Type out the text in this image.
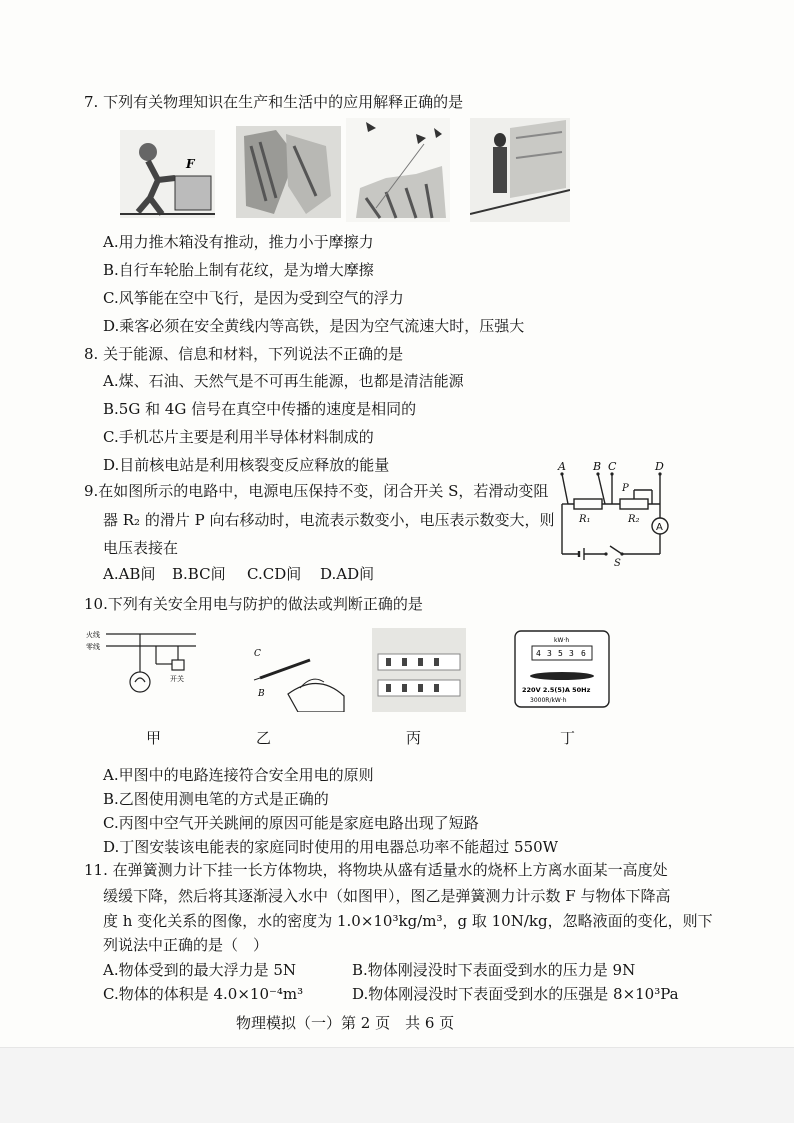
7. 下列有关物理知识在生产和生活中的应用解释正确的是
F
A.用力推木箱没有推动，推力小于摩擦力
B.自行车轮胎上制有花纹，是为增大摩擦
C.风筝能在空中飞行，是因为受到空气的浮力
D.乘客必须在安全黄线内等高铁，是因为空气流速大时，压强大
8. 关于能源、信息和材料，下列说法不正确的是
A.煤、石油、天然气是不可再生能源，也都是清洁能源
B.5G 和 4G 信号在真空中传播的速度是相同的
C.手机芯片主要是利用半导体材料制成的
D.目前核电站是利用核裂变反应释放的能量
9.在如图所示的电路中，电源电压保持不变，闭合开关 S，若滑动变阻
器 R₂ 的滑片 P 向右移动时，电流表示数变小，电压表示数变大，则
电压表接在
A.AB间 B.BC间 C.CD间 D.AD间
A B C	D
R₁	R₂
P
S
A
10.下列有关安全用电与防护的做法或判断正确的是
火线
零线
开关
C
B
kW·h
4 3 5 3 6
220V 2.5(5)A 50Hz
3000R/kW·h
甲	乙	丙	丁
A.甲图中的电路连接符合安全用电的原则
B.乙图使用测电笔的方式是正确的
C.丙图中空气开关跳闸的原因可能是家庭电路出现了短路
D.丁图安装该电能表的家庭同时使用的用电器总功率不能超过 550W
11. 在弹簧测力计下挂一长方体物块，将物块从盛有适量水的烧杯上方离水面某一高度处
缓缓下降，然后将其逐渐浸入水中（如图甲），图乙是弹簧测力计示数 F 与物体下降高
度 h 变化关系的图像，水的密度为 1.0×10³kg/m³，g 取 10N/kg，忽略液面的变化，则下
列说法中正确的是（　）
A.物体受到的最大浮力是 5N	B.物体刚浸没时下表面受到水的压力是 9N
C.物体的体积是 4.0×10⁻⁴m³	D.物体刚浸没时下表面受到水的压强是 8×10³Pa
物理模拟（一）第 2 页　共 6 页
